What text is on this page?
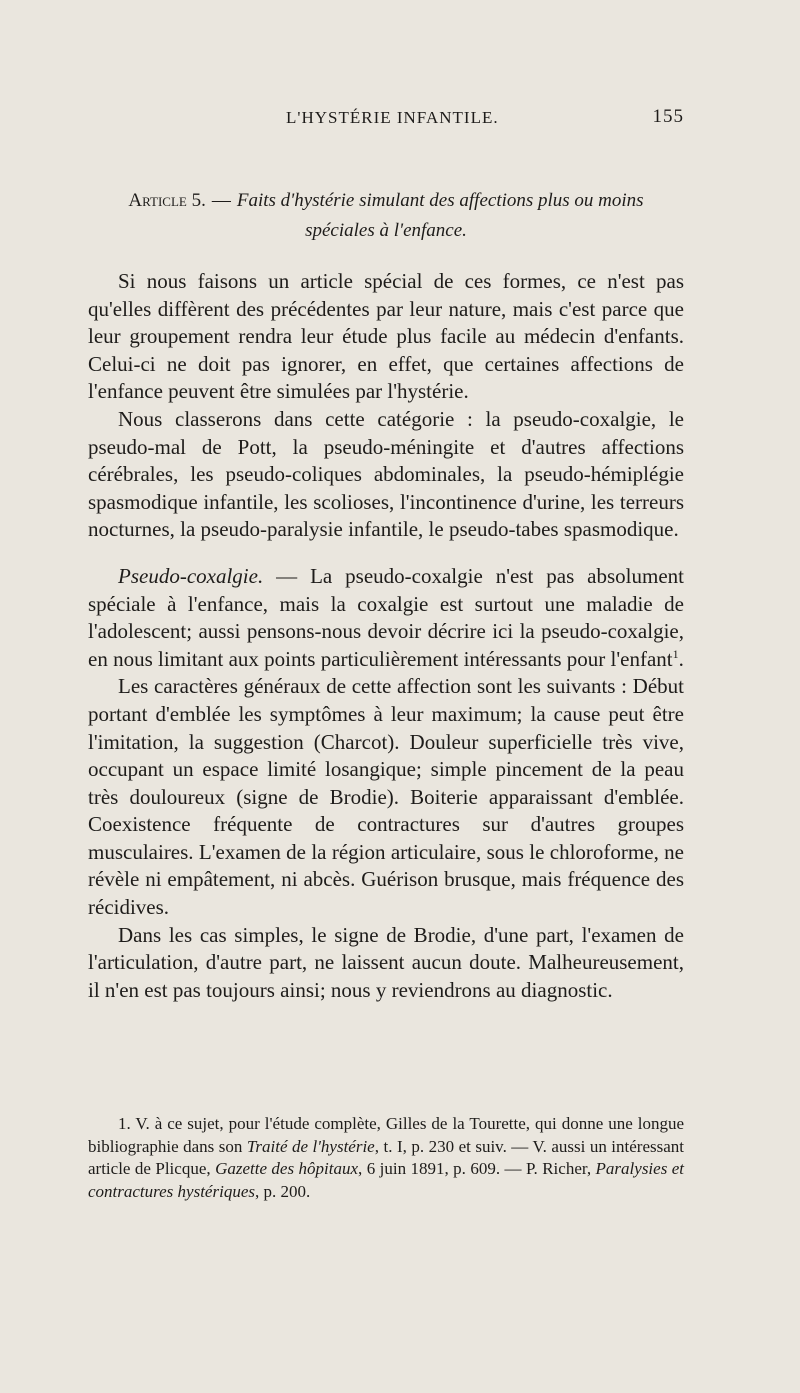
L'HYSTÉRIE INFANTILE.	155
Article 5. — Faits d'hystérie simulant des affections plus ou moins
spéciales à l'enfance.

Si nous faisons un article spécial de ces formes, ce n'est pas qu'elles diffèrent des précédentes par leur nature, mais c'est parce que leur groupement rendra leur étude plus facile au médecin d'enfants. Celui-ci ne doit pas ignorer, en effet, que certaines affections de l'enfance peuvent être simulées par l'hystérie.

Nous classerons dans cette catégorie : la pseudo-coxalgie, le pseudo-mal de Pott, la pseudo-méningite et d'autres affections cérébrales, les pseudo-coliques abdominales, la pseudo-hémiplégie spasmodique infantile, les scolioses, l'incontinence d'urine, les terreurs nocturnes, la pseudo-paralysie infantile, le pseudo-tabes spasmodique.

Pseudo-coxalgie. — La pseudo-coxalgie n'est pas absolument spéciale à l'enfance, mais la coxalgie est surtout une maladie de l'adolescent; aussi pensons-nous devoir décrire ici la pseudo-coxalgie, en nous limitant aux points particulièrement intéressants pour l'enfant$^1$.

Les caractères généraux de cette affection sont les suivants : Début portant d'emblée les symptômes à leur maximum; la cause peut être l'imitation, la suggestion (Charcot). Douleur superficielle très vive, occupant un espace limité losangique; simple pincement de la peau très douloureux (signe de Brodie). Boiterie apparaissant d'emblée. Coexistence fréquente de contractures sur d'autres groupes musculaires. L'examen de la région articulaire, sous le chloroforme, ne révèle ni empâtement, ni abcès. Guérison brusque, mais fréquence des récidives.

Dans les cas simples, le signe de Brodie, d'une part, l'examen de l'articulation, d'autre part, ne laissent aucun doute. Malheureusement, il n'en est pas toujours ainsi; nous y reviendrons au diagnostic.

1. V. à ce sujet, pour l'étude complète, Gilles de la Tourette, qui donne une longue bibliographie dans son Traité de l'hystérie, t. I, p. 230 et suiv. — V. aussi un intéressant article de Plicque, Gazette des hôpitaux, 6 juin 1891, p. 609. — P. Richer, Paralysies et contractures hystériques, p. 200.
